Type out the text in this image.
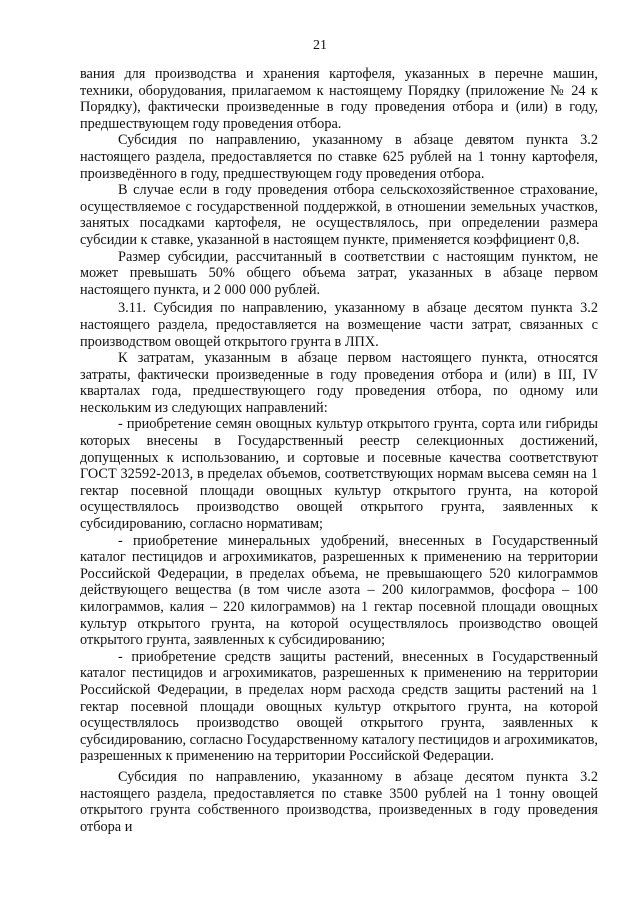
21

вания для производства и хранения картофеля, указанных в перечне машин, техники, оборудования, прилагаемом к настоящему Порядку (приложение № 24 к Порядку), фактически произведенные в году проведения отбора и (или) в году, предшествующем году проведения отбора.

Субсидия по направлению, указанному в абзаце девятом пункта 3.2 настоящего раздела, предоставляется по ставке 625 рублей на 1 тонну картофеля, произведённого в году, предшествующем году проведения отбора.

В случае если в году проведения отбора сельскохозяйственное страхование, осуществляемое с государственной поддержкой, в отношении земельных участков, занятых посадками картофеля, не осуществлялось, при определении размера субсидии к ставке, указанной в настоящем пункте, применяется коэффициент 0,8.

Размер субсидии, рассчитанный в соответствии с настоящим пунктом, не может превышать 50% общего объема затрат, указанных в абзаце первом настоящего пункта, и 2 000 000 рублей.

3.11. Субсидия по направлению, указанному в абзаце десятом пункта 3.2 настоящего раздела, предоставляется на возмещение части затрат, связанных с производством овощей открытого грунта в ЛПХ.

К затратам, указанным в абзаце первом настоящего пункта, относятся затраты, фактически произведенные в году проведения отбора и (или) в III, IV кварталах года, предшествующего году проведения отбора, по одному или нескольким из следующих направлений:

- приобретение семян овощных культур открытого грунта, сорта или гибриды которых внесены в Государственный реестр селекционных достижений, допущенных к использованию, и сортовые и посевные качества соответствуют ГОСТ 32592-2013, в пределах объемов, соответствующих нормам высева семян на 1 гектар посевной площади овощных культур открытого грунта, на которой осуществлялось производство овощей открытого грунта, заявленных к субсидированию, согласно нормативам;

- приобретение минеральных удобрений, внесенных в Государственный каталог пестицидов и агрохимикатов, разрешенных к применению на территории Российской Федерации, в пределах объема, не превышающего 520 килограммов действующего вещества (в том числе азота – 200 килограммов, фосфора – 100 килограммов, калия – 220 килограммов) на 1 гектар посевной площади овощных культур открытого грунта, на которой осуществлялось производство овощей открытого грунта, заявленных к субсидированию;

- приобретение средств защиты растений, внесенных в Государственный каталог пестицидов и агрохимикатов, разрешенных к применению на территории Российской Федерации, в пределах норм расхода средств защиты растений на 1 гектар посевной площади овощных культур открытого грунта, на которой осуществлялось производство овощей открытого грунта, заявленных к субсидированию, согласно Государственному каталогу пестицидов и агрохимикатов, разрешенных к применению на территории Российской Федерации.

Субсидия по направлению, указанному в абзаце десятом пункта 3.2 настоящего раздела, предоставляется по ставке 3500 рублей на 1 тонну овощей открытого грунта собственного производства, произведенных в году проведения отбора и
